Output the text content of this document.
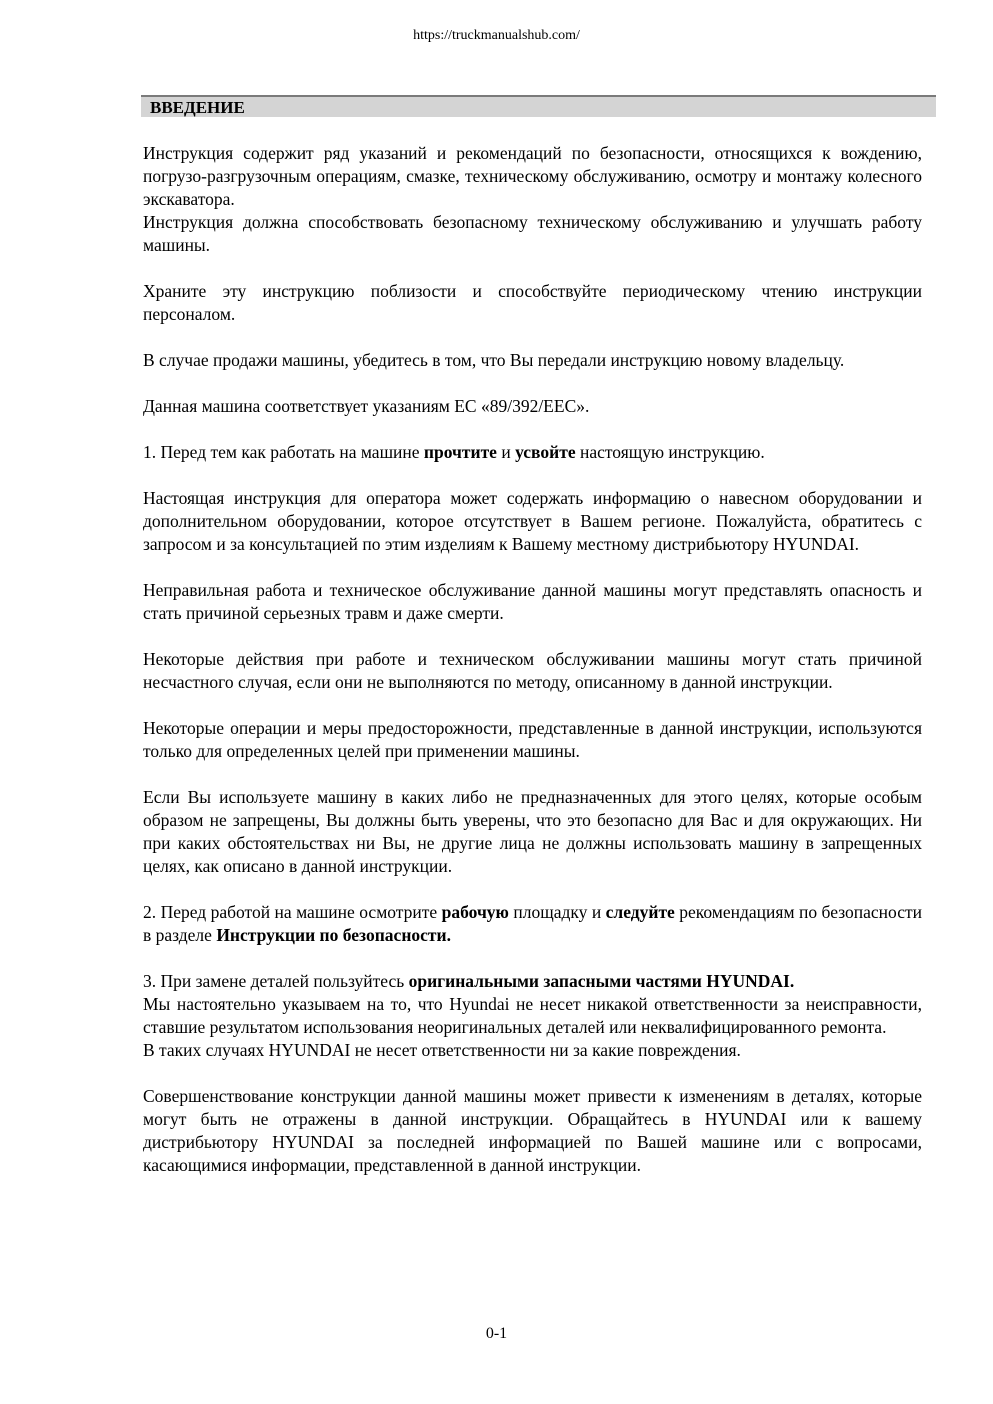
https://truckmanualshub.com/
ВВЕДЕНИЕ

Инструкция содержит ряд указаний и рекомендаций по безопасности, относящихся к вождению, погрузо-разгрузочным операциям, смазке, техническому обслуживанию, осмотру и монтажу колесного экскаватора.

Инструкция должна способствовать безопасному техническому обслуживанию и улучшать работу машины.

Храните эту инструкцию поблизости и способствуйте периодическому чтению инструкции персоналом.

В случае продажи машины, убедитесь в том, что Вы передали инструкцию новому владельцу.

Данная машина соответствует указаниям ЕС «89/392/EEC».

1. Перед тем как работать на машине прочтите и усвойте настоящую инструкцию.

Настоящая инструкция для оператора может содержать информацию о навесном оборудовании и дополнительном оборудовании, которое отсутствует в Вашем регионе. Пожалуйста, обратитесь с запросом и за консультацией по этим изделиям к Вашему местному дистрибьютору HYUNDAI.

Неправильная работа и техническое обслуживание данной машины могут представлять опасность и стать причиной серьезных травм и даже смерти.

Некоторые действия при работе и техническом обслуживании машины могут стать причиной несчастного случая, если они не выполняются по методу, описанному в данной инструкции.

Некоторые операции и меры предосторожности, представленные в данной инструкции, используются только для определенных целей при применении машины.

Если Вы используете машину в каких либо не предназначенных для этого целях, которые особым образом не запрещены, Вы должны быть уверены, что это безопасно для Вас и для окружающих. Ни при каких обстоятельствах ни Вы, не другие лица не должны использовать машину в запрещенных целях, как описано в данной инструкции.

2. Перед работой на машине осмотрите рабочую площадку и следуйте рекомендациям по безопасности в разделе Инструкции по безопасности.

3. При замене деталей пользуйтесь оригинальными запасными частями HYUNDAI.

Мы настоятельно указываем на то, что Hyundai не несет никакой ответственности за неисправности, ставшие результатом использования неоригинальных деталей или неквалифицированного ремонта.

В таких случаях HYUNDAI не несет ответственности ни за какие повреждения.

Совершенствование конструкции данной машины может привести к изменениям в деталях, которые могут быть не отражены в данной инструкции. Обращайтесь в HYUNDAI или к вашему дистрибьютору HYUNDAI за последней информацией по Вашей машине или с вопросами, касающимися информации, представленной в данной инструкции.

0-1
